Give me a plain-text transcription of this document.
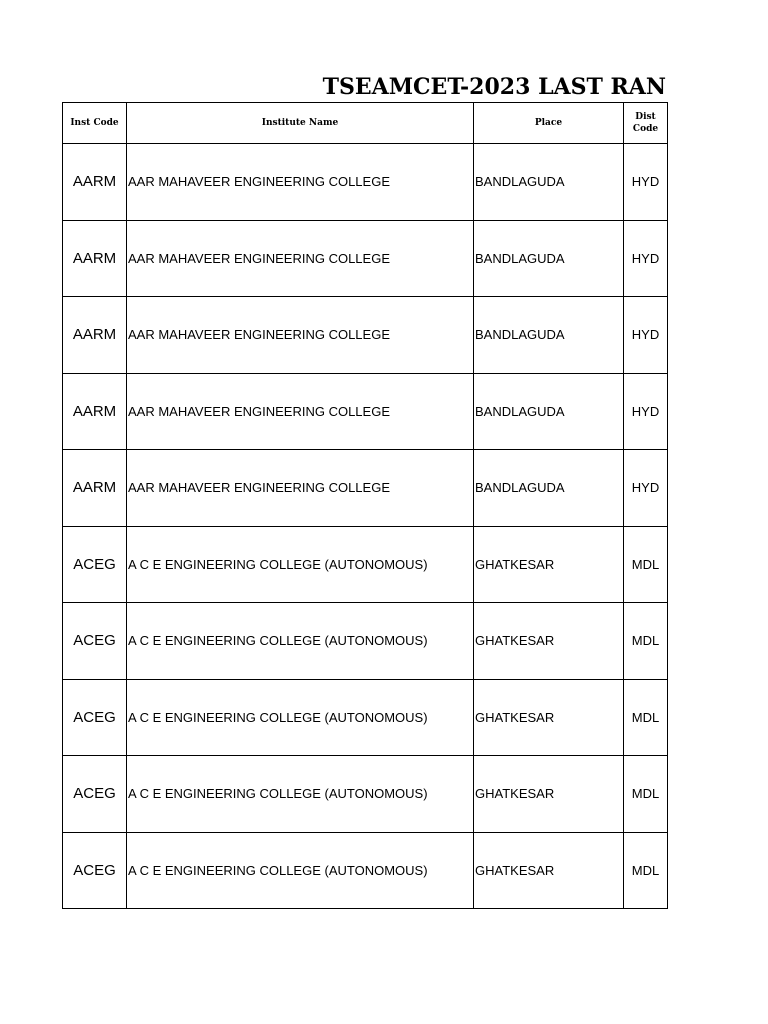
TSEAMCET-2023 LAST RAN
Inst Code	Institute Name	Place	Dist Code
AARM	AAR MAHAVEER ENGINEERING COLLEGE	BANDLAGUDA	HYD
AARM	AAR MAHAVEER ENGINEERING COLLEGE	BANDLAGUDA	HYD
AARM	AAR MAHAVEER ENGINEERING COLLEGE	BANDLAGUDA	HYD
AARM	AAR MAHAVEER ENGINEERING COLLEGE	BANDLAGUDA	HYD
AARM	AAR MAHAVEER ENGINEERING COLLEGE	BANDLAGUDA	HYD
ACEG	A C E ENGINEERING COLLEGE (AUTONOMOUS)	GHATKESAR	MDL
ACEG	A C E ENGINEERING COLLEGE (AUTONOMOUS)	GHATKESAR	MDL
ACEG	A C E ENGINEERING COLLEGE (AUTONOMOUS)	GHATKESAR	MDL
ACEG	A C E ENGINEERING COLLEGE (AUTONOMOUS)	GHATKESAR	MDL
ACEG	A C E ENGINEERING COLLEGE (AUTONOMOUS)	GHATKESAR	MDL
